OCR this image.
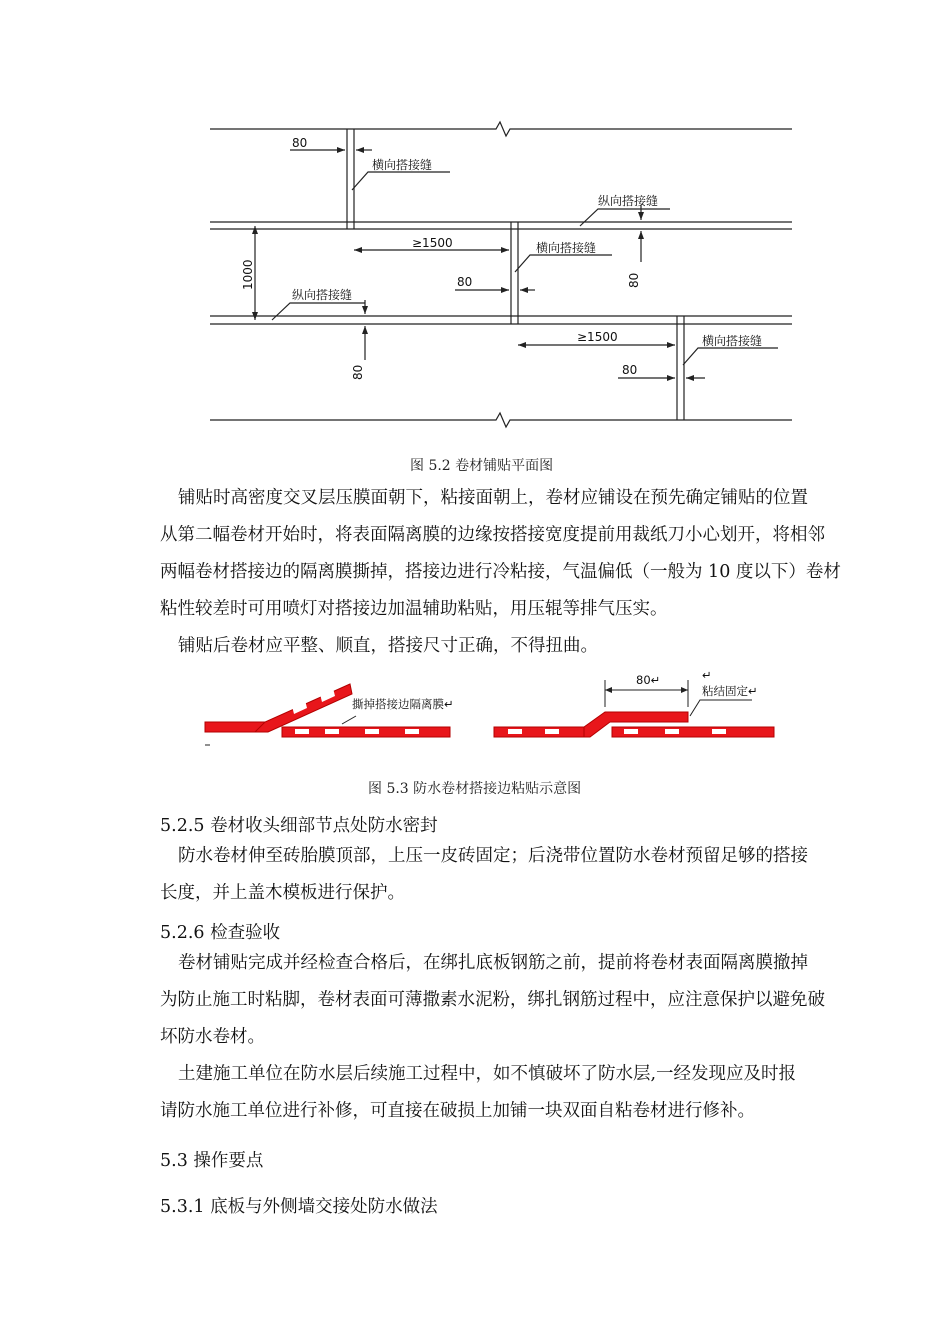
80
横向搭接缝
纵向搭接缝
≥1500	横向搭接缝
80	80
1000
纵向搭接缝
≥1500	横向搭接缝
80	80
图 5.2 卷材铺贴平面图
铺贴时高密度交叉层压膜面朝下，粘接面朝上，卷材应铺设在预先确定铺贴的位置
从第二幅卷材开始时，将表面隔离膜的边缘按搭接宽度提前用裁纸刀小心划开，将相邻
两幅卷材搭接边的隔离膜撕掉，搭接边进行冷粘接，气温偏低（一般为 10 度以下）卷材
粘性较差时可用喷灯对搭接边加温辅助粘贴，用压辊等排气压实。
铺贴后卷材应平整、顺直，搭接尺寸正确，不得扭曲。
撕掉搭接边隔离膜↵
80↵	↵
粘结固定↵
图 5.3 防水卷材搭接边粘贴示意图
5.2.5 卷材收头细部节点处防水密封
防水卷材伸至砖胎膜顶部，上压一皮砖固定；后浇带位置防水卷材预留足够的搭接
长度，并上盖木模板进行保护。
5.2.6 检查验收
卷材铺贴完成并经检查合格后，在绑扎底板钢筋之前，提前将卷材表面隔离膜撤掉
为防止施工时粘脚，卷材表面可薄撒素水泥粉，绑扎钢筋过程中，应注意保护以避免破
坏防水卷材。
土建施工单位在防水层后续施工过程中，如不慎破坏了防水层,一经发现应及时报
请防水施工单位进行补修，可直接在破损上加铺一块双面自粘卷材进行修补。
5.3 操作要点
5.3.1 底板与外侧墙交接处防水做法
